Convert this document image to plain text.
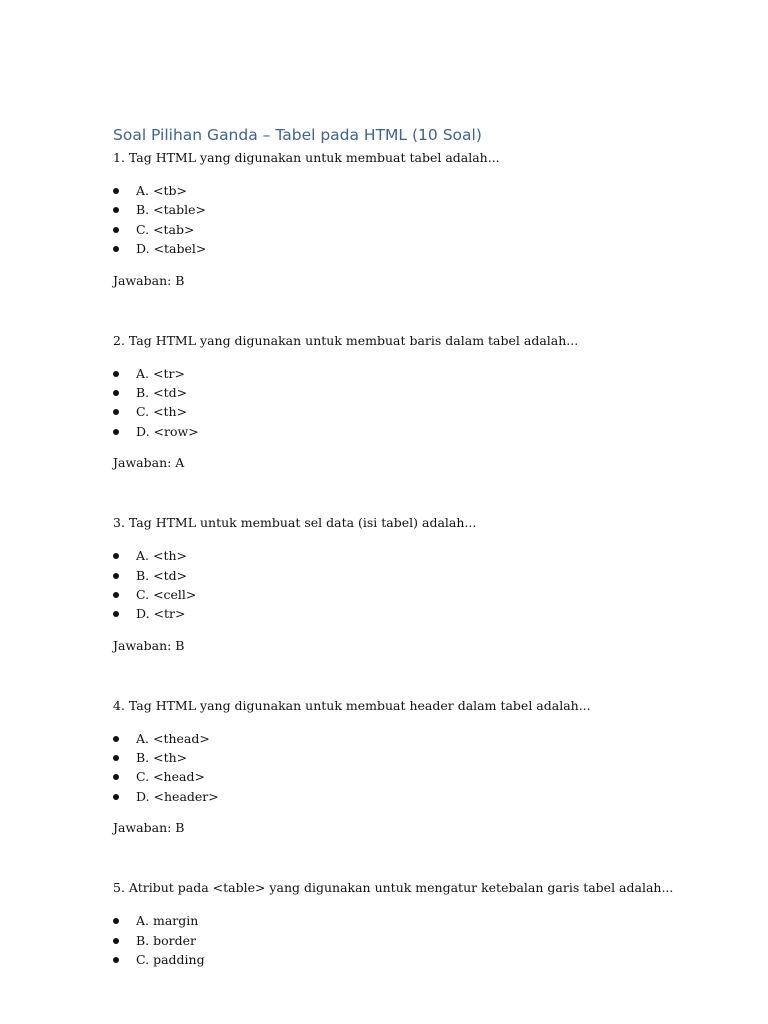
Soal Pilihan Ganda – Tabel pada HTML (10 Soal)

1. Tag HTML yang digunakan untuk membuat tabel adalah...

A. <tb>
B. <table>
C. <tab>
D. <tabel>

Jawaban: B

2. Tag HTML yang digunakan untuk membuat baris dalam tabel adalah...

A. <tr>
B. <td>
C. <th>
D. <row>

Jawaban: A

3. Tag HTML untuk membuat sel data (isi tabel) adalah...

A. <th>
B. <td>
C. <cell>
D. <tr>

Jawaban: B

4. Tag HTML yang digunakan untuk membuat header dalam tabel adalah...

A. <thead>
B. <th>
C. <head>
D. <header>

Jawaban: B

5. Atribut pada <table> yang digunakan untuk mengatur ketebalan garis tabel adalah...

A. margin
B. border
C. padding
